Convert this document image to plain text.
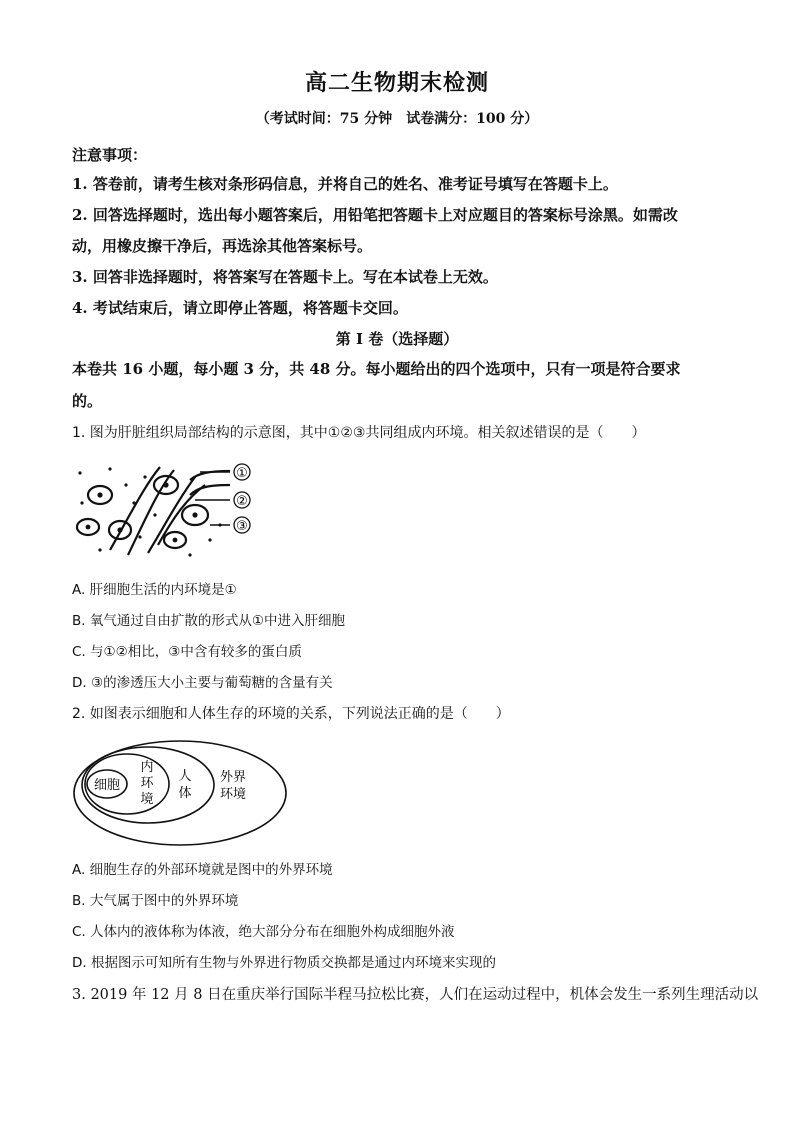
高二生物期末检测
（考试时间：75 分钟　试卷满分：100 分）
注意事项：
1. 答卷前，请考生核对条形码信息，并将自己的姓名、准考证号填写在答题卡上。
2. 回答选择题时，选出每小题答案后，用铅笔把答题卡上对应题目的答案标号涂黑。如需改
动，用橡皮擦干净后，再选涂其他答案标号。
3. 回答非选择题时，将答案写在答题卡上。写在本试卷上无效。
4. 考试结束后，请立即停止答题，将答题卡交回。
第 I 卷（选择题）
本卷共 16 小题，每小题 3 分，共 48 分。每小题给出的四个选项中，只有一项是符合要求
的。
1. 图为肝脏组织局部结构的示意图，其中①②③共同组成内环境。相关叙述错误的是（　　）
①
②
③
A. 肝细胞生活的内环境是①
B. 氧气通过自由扩散的形式从①中进入肝细胞
C. 与①②相比，③中含有较多的蛋白质
D. ③的渗透压大小主要与葡萄糖的含量有关
2. 如图表示细胞和人体生存的环境的关系，下列说法正确的是（　　）
细胞
内
环
境
人
体
外界
环境
A. 细胞生存的外部环境就是图中的外界环境
B. 大气属于图中的外界环境
C. 人体内的液体称为体液，绝大部分分布在细胞外构成细胞外液
D. 根据图示可知所有生物与外界进行物质交换都是通过内环境来实现的
3. 2019 年 12 月 8 日在重庆举行国际半程马拉松比赛，人们在运动过程中，机体会发生一系列生理活动以
